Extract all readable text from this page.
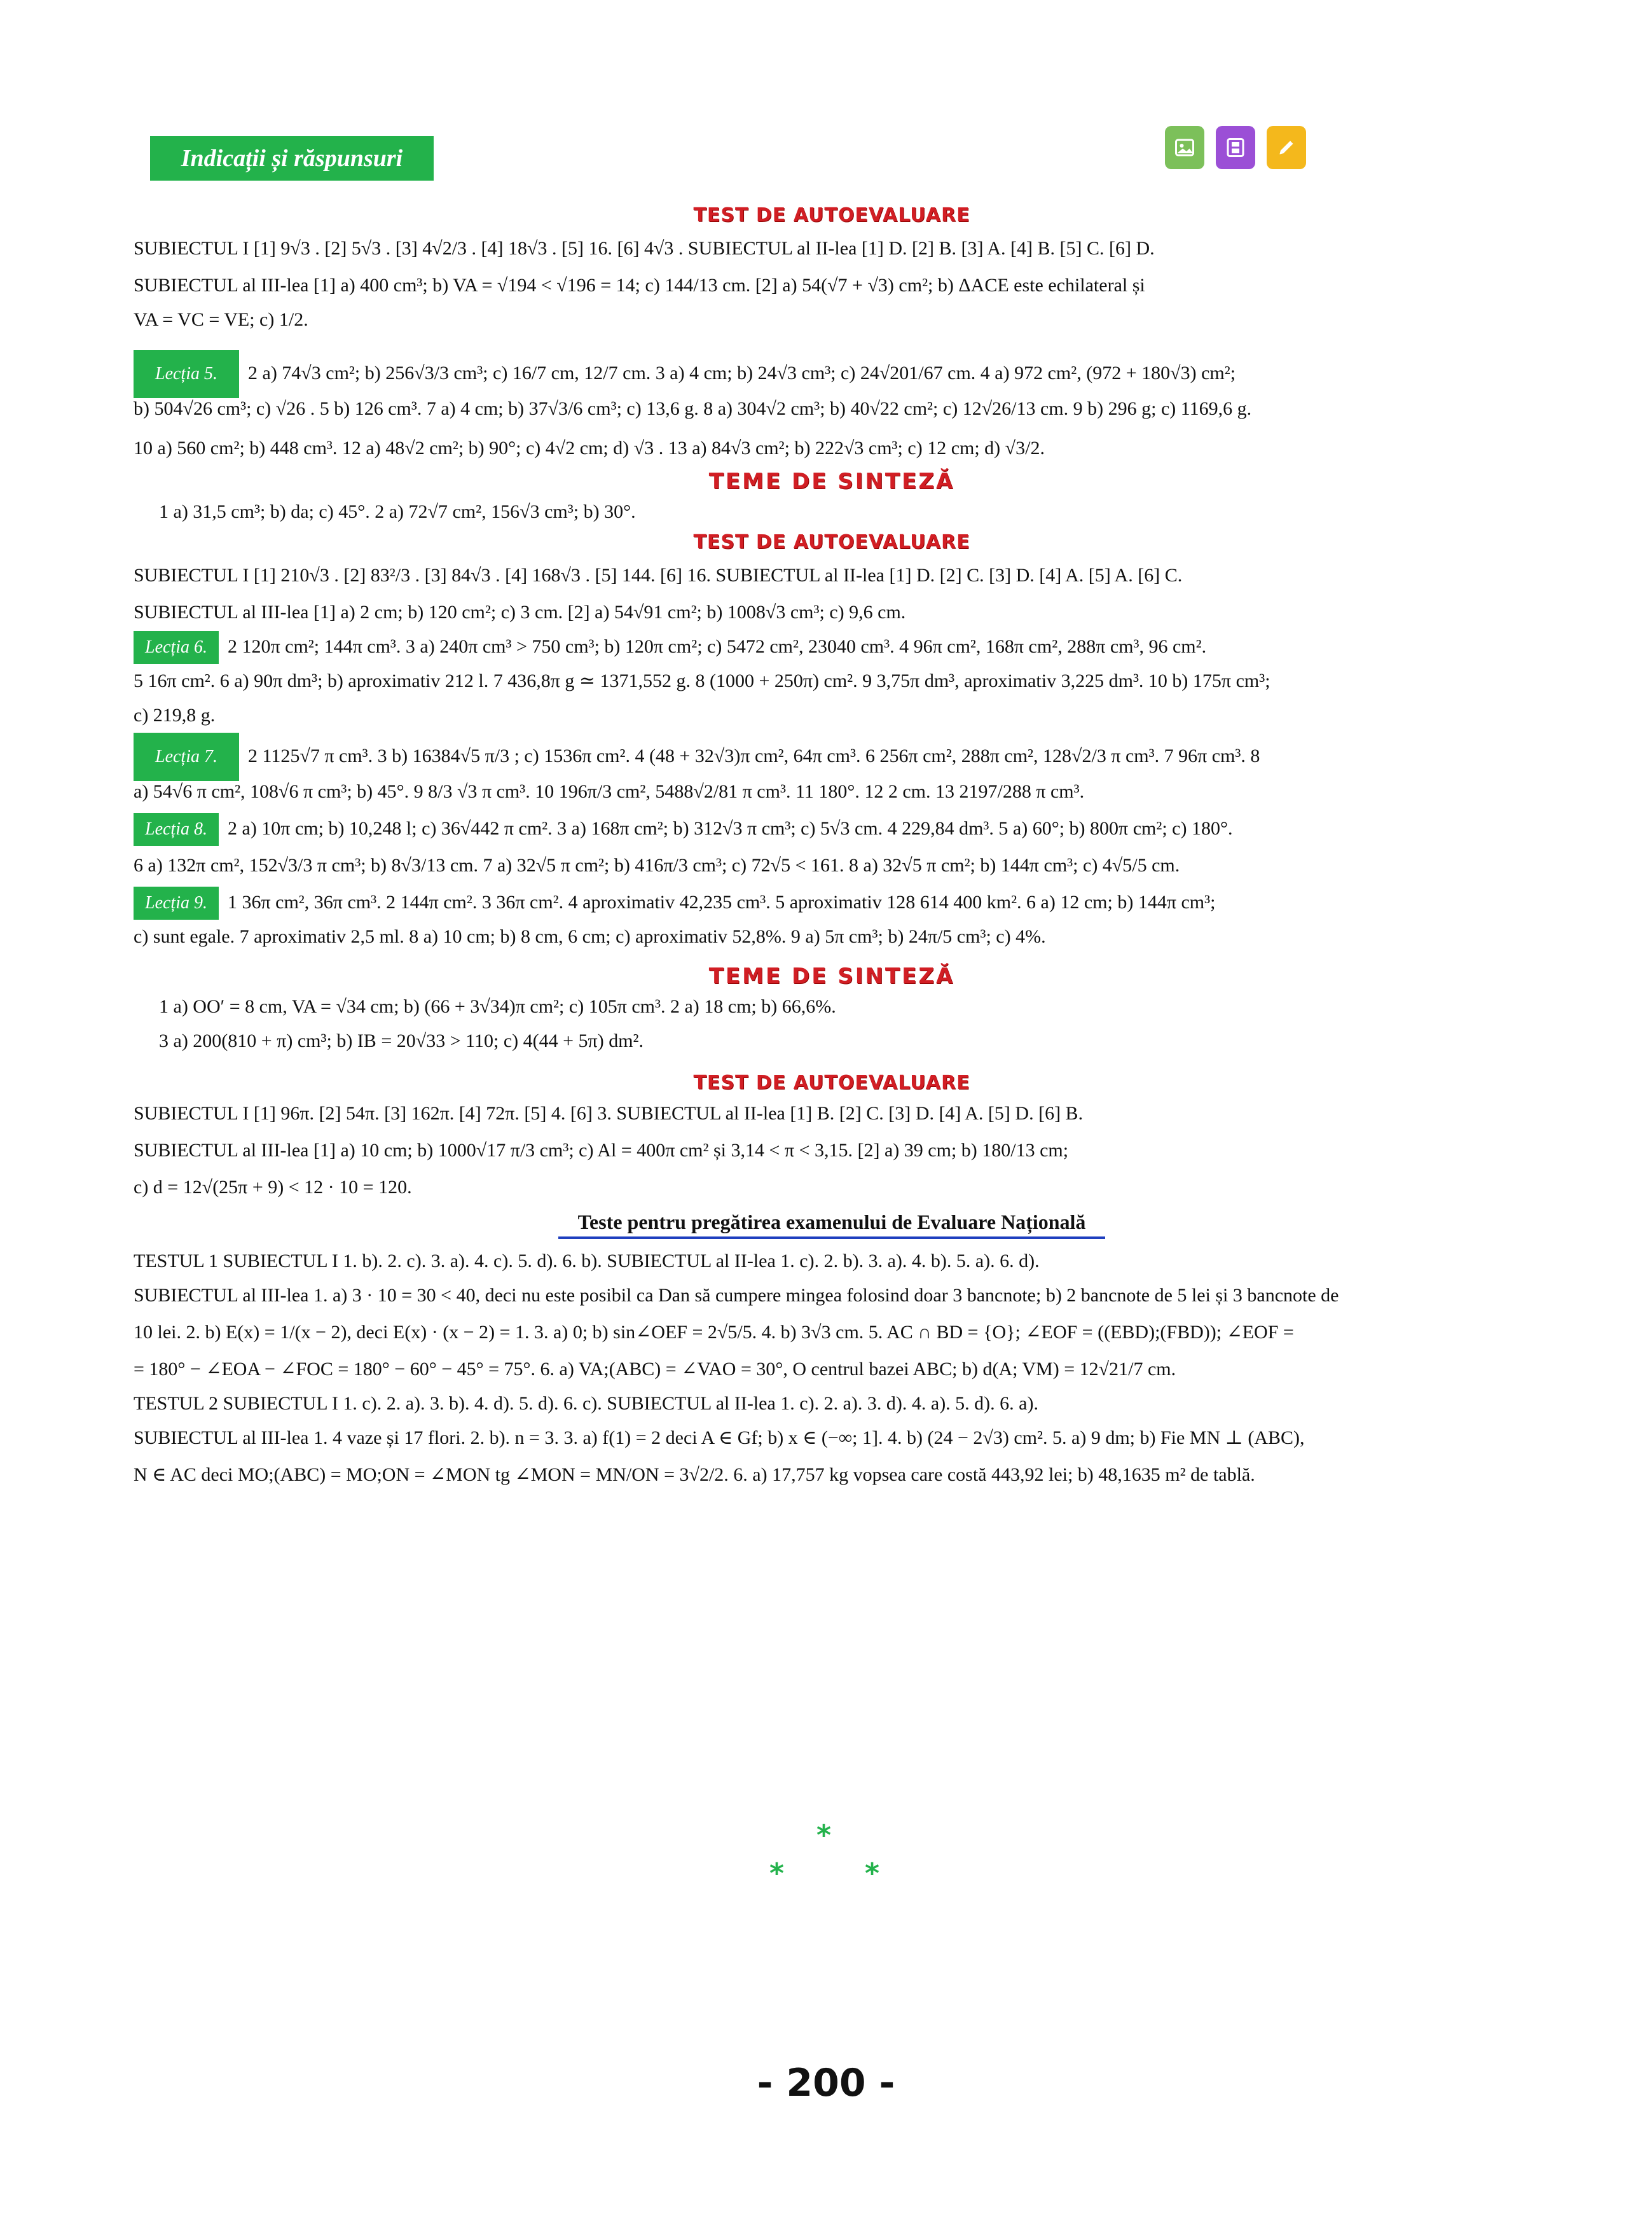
Indicații și răspunsuri
TEST DE AUTOEVALUARE

SUBIECTUL I [1] 9√3 . [2] 5√3 . [3] 4√2/3 . [4] 18√3 . [5] 16. [6] 4√3 . SUBIECTUL al II-lea [1] D. [2] B. [3] A. [4] B. [5] C. [6] D.

SUBIECTUL al III-lea [1] a) 400 cm³; b) VA = √194 < √196 = 14; c) 144/13 cm. [2] a) 54(√7 + √3) cm²; b) ΔACE este echilateral și

VA = VC = VE; c) 1/2.

Lecția 5. 2 a) 74√3 cm²; b) 256√3/3 cm³; c) 16/7 cm, 12/7 cm. 3 a) 4 cm; b) 24√3 cm³; c) 24√201/67 cm. 4 a) 972 cm², (972 + 180√3) cm²;

b) 504√26 cm³; c) √26 . 5 b) 126 cm³. 7 a) 4 cm; b) 37√3/6 cm³; c) 13,6 g. 8 a) 304√2 cm³; b) 40√22 cm²; c) 12√26/13 cm. 9 b) 296 g; c) 1169,6 g.

10 a) 560 cm²; b) 448 cm³. 12 a) 48√2 cm²; b) 90°; c) 4√2 cm; d) √3 . 13 a) 84√3 cm²; b) 222√3 cm³; c) 12 cm; d) √3/2.

TEME DE SINTEZĂ

1 a) 31,5 cm³; b) da; c) 45°. 2 a) 72√7 cm², 156√3 cm³; b) 30°.

TEST DE AUTOEVALUARE

SUBIECTUL I [1] 210√3 . [2] 83²/3 . [3] 84√3 . [4] 168√3 . [5] 144. [6] 16. SUBIECTUL al II-lea [1] D. [2] C. [3] D. [4] A. [5] A. [6] C.

SUBIECTUL al III-lea [1] a) 2 cm; b) 120 cm²; c) 3 cm. [2] a) 54√91 cm²; b) 1008√3 cm³; c) 9,6 cm.

Lecția 6. 2 120π cm²; 144π cm³. 3 a) 240π cm³ > 750 cm³; b) 120π cm²; c) 5472 cm², 23040 cm³. 4 96π cm², 168π cm², 288π cm³, 96 cm².

5 16π cm². 6 a) 90π dm³; b) aproximativ 212 l. 7 436,8π g ≃ 1371,552 g. 8 (1000 + 250π) cm². 9 3,75π dm³, aproximativ 3,225 dm³. 10 b) 175π cm³;

c) 219,8 g.

Lecția 7. 2 1125√7 π cm³. 3 b) 16384√5 π/3 ; c) 1536π cm². 4 (48 + 32√3)π cm², 64π cm³. 6 256π cm², 288π cm², 128√2/3 π cm³. 7 96π cm³. 8

a) 54√6 π cm², 108√6 π cm³; b) 45°. 9 8/3 √3 π cm³. 10 196π/3 cm², 5488√2/81 π cm³. 11 180°. 12 2 cm. 13 2197/288 π cm³.

Lecția 8. 2 a) 10π cm; b) 10,248 l; c) 36√442 π cm². 3 a) 168π cm²; b) 312√3 π cm³; c) 5√3 cm. 4 229,84 dm³. 5 a) 60°; b) 800π cm²; c) 180°.

6 a) 132π cm², 152√3/3 π cm³; b) 8√3/13 cm. 7 a) 32√5 π cm²; b) 416π/3 cm³; c) 72√5 < 161. 8 a) 32√5 π cm²; b) 144π cm³; c) 4√5/5 cm.

Lecția 9. 1 36π cm², 36π cm³. 2 144π cm². 3 36π cm². 4 aproximativ 42,235 cm³. 5 aproximativ 128 614 400 km². 6 a) 12 cm; b) 144π cm³;

c) sunt egale. 7 aproximativ 2,5 ml. 8 a) 10 cm; b) 8 cm, 6 cm; c) aproximativ 52,8%. 9 a) 5π cm³; b) 24π/5 cm³; c) 4%.

TEME DE SINTEZĂ

1 a) OO′ = 8 cm, VA = √34 cm; b) (66 + 3√34)π cm²; c) 105π cm³. 2 a) 18 cm; b) 66,6%.

3 a) 200(810 + π) cm³; b) IB = 20√33 > 110; c) 4(44 + 5π) dm².

TEST DE AUTOEVALUARE

SUBIECTUL I [1] 96π. [2] 54π. [3] 162π. [4] 72π. [5] 4. [6] 3. SUBIECTUL al II-lea [1] B. [2] C. [3] D. [4] A. [5] D. [6] B.

SUBIECTUL al III-lea [1] a) 10 cm; b) 1000√17 π/3 cm³; c) Al = 400π cm² și 3,14 < π < 3,15. [2] a) 39 cm; b) 180/13 cm;

c) d = 12√(25π + 9) < 12 · 10 = 120.

Teste pentru pregătirea examenului de Evaluare Națională

TESTUL 1 SUBIECTUL I 1. b). 2. c). 3. a). 4. c). 5. d). 6. b). SUBIECTUL al II-lea 1. c). 2. b). 3. a). 4. b). 5. a). 6. d).

SUBIECTUL al III-lea 1. a) 3 · 10 = 30 < 40, deci nu este posibil ca Dan să cumpere mingea folosind doar 3 bancnote; b) 2 bancnote de 5 lei și 3 bancnote de

10 lei. 2. b) E(x) = 1/(x − 2), deci E(x) · (x − 2) = 1. 3. a) 0; b) sin∠OEF = 2√5/5. 4. b) 3√3 cm. 5. AC ∩ BD = {O}; ∠EOF = ((EBD);(FBD)); ∠EOF =

= 180° − ∠EOA − ∠FOC = 180° − 60° − 45° = 75°. 6. a) VA;(ABC) = ∠VAO = 30°, O centrul bazei ABC; b) d(A; VM) = 12√21/7 cm.

TESTUL 2 SUBIECTUL I 1. c). 2. a). 3. b). 4. d). 5. d). 6. c). SUBIECTUL al II-lea 1. c). 2. a). 3. d). 4. a). 5. d). 6. a).

SUBIECTUL al III-lea 1. 4 vaze și 17 flori. 2. b). n = 3. 3. a) f(1) = 2 deci A ∈ Gf; b) x ∈ (−∞; 1]. 4. b) (24 − 2√3) cm². 5. a) 9 dm; b) Fie MN ⊥ (ABC),

N ∈ AC deci MO;(ABC) = MO;ON = ∠MON tg ∠MON = MN/ON = 3√2/2. 6. a) 17,757 kg vopsea care costă 443,92 lei; b) 48,1635 m² de tablă.

*
*	*
- 200 -
